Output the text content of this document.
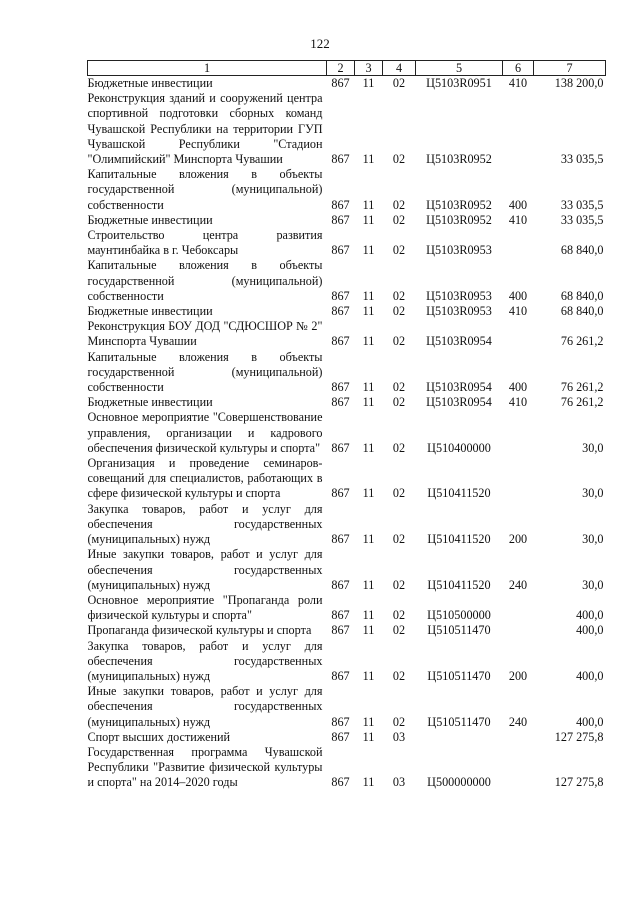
122
1	2	3	4	5	6	7
Бюджетные инвестиции	867	11	02	Ц5103R0951	410	138 200,0
Реконструкция зданий и сооружений центра спортивной подготовки сборных команд Чувашской Республики на территории ГУП Чувашской Республики "Стадион "Олимпийский" Минспорта Чувашии	867	11	02	Ц5103R0952		33 035,5
Капитальные вложения в объекты государственной (муниципальной) собственности	867	11	02	Ц5103R0952	400	33 035,5
Бюджетные инвестиции	867	11	02	Ц5103R0952	410	33 035,5
Строительство центра развития маунтинбайка в г. Чебоксары	867	11	02	Ц5103R0953		68 840,0
Капитальные вложения в объекты государственной (муниципальной) собственности	867	11	02	Ц5103R0953	400	68 840,0
Бюджетные инвестиции	867	11	02	Ц5103R0953	410	68 840,0
Реконструкция БОУ ДОД "СДЮСШОР № 2" Минспорта Чувашии	867	11	02	Ц5103R0954		76 261,2
Капитальные вложения в объекты государственной (муниципальной) собственности	867	11	02	Ц5103R0954	400	76 261,2
Бюджетные инвестиции	867	11	02	Ц5103R0954	410	76 261,2
Основное мероприятие "Совершенствование управления, организации и кадрового обеспечения физической культуры и спорта"	867	11	02	Ц510400000		30,0
Организация и проведение семинаров-совещаний для специалистов, работающих в сфере физической культуры и спорта	867	11	02	Ц510411520		30,0
Закупка товаров, работ и услуг для обеспечения государственных (муниципальных) нужд	867	11	02	Ц510411520	200	30,0
Иные закупки товаров, работ и услуг для обеспечения государственных (муниципальных) нужд	867	11	02	Ц510411520	240	30,0
Основное мероприятие "Пропаганда роли физической культуры и спорта"	867	11	02	Ц510500000		400,0
Пропаганда физической культуры и спорта	867	11	02	Ц510511470		400,0
Закупка товаров, работ и услуг для обеспечения государственных (муниципальных) нужд	867	11	02	Ц510511470	200	400,0
Иные закупки товаров, работ и услуг для обеспечения государственных (муниципальных) нужд	867	11	02	Ц510511470	240	400,0
Спорт высших достижений	867	11	03			127 275,8
Государственная программа Чувашской Республики "Развитие физической культуры и спорта" на 2014–2020 годы	867	11	03	Ц500000000		127 275,8
